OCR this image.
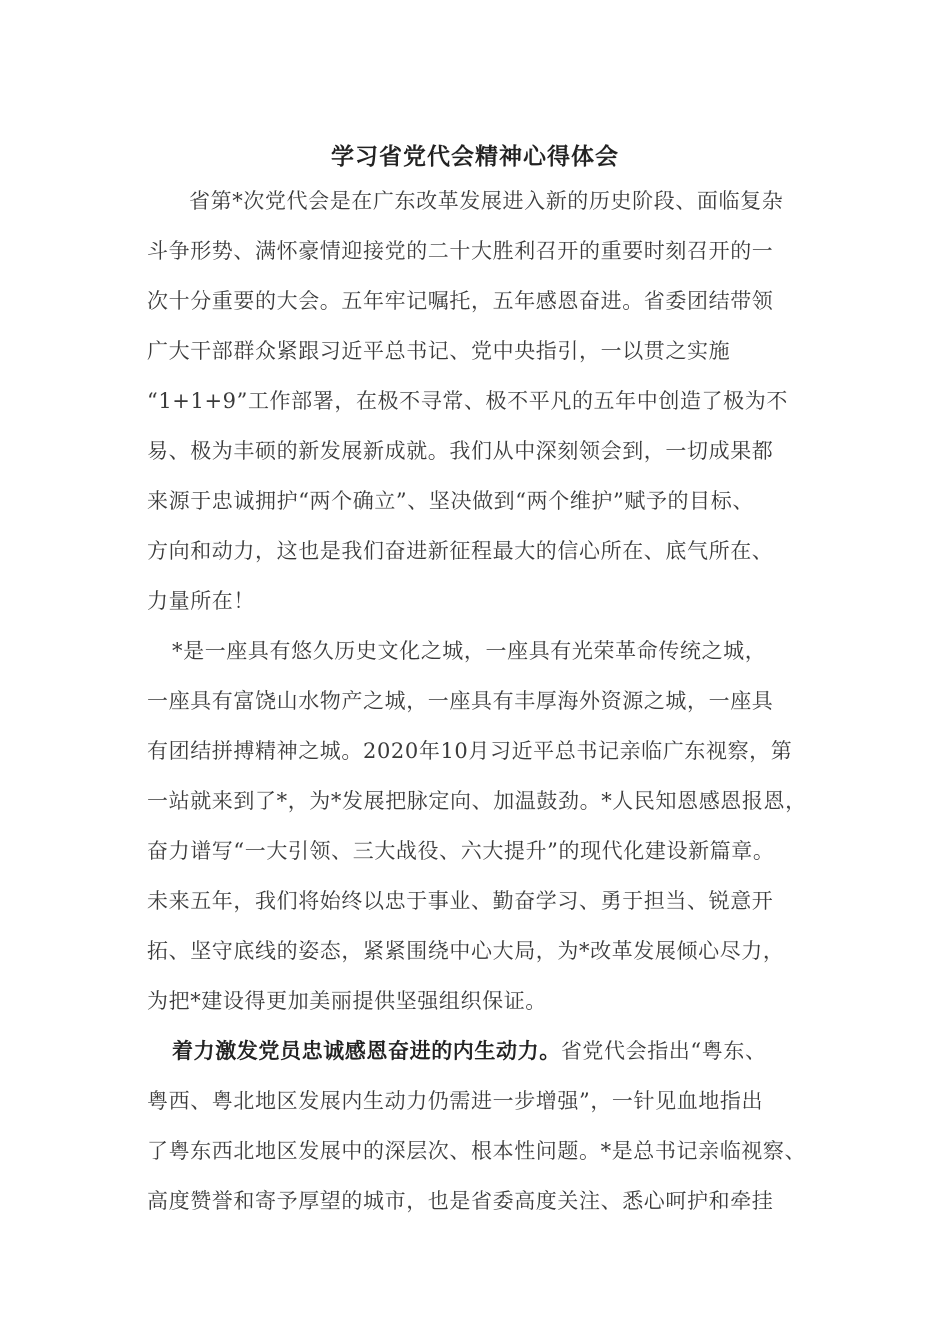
学习省党代会精神心得体会
省第*次党代会是在广东改革发展进入新的历史阶段、面临复杂
斗争形势、满怀豪情迎接党的二十大胜利召开的重要时刻召开的一
次十分重要的大会。五年牢记嘱托，五年感恩奋进。省委团结带领
广大干部群众紧跟习近平总书记、党中央指引，一以贯之实施
“1+1+9”工作部署，在极不寻常、极不平凡的五年中创造了极为不
易、极为丰硕的新发展新成就。我们从中深刻领会到，一切成果都
来源于忠诚拥护“两个确立”、坚决做到“两个维护”赋予的目标、
方向和动力，这也是我们奋进新征程最大的信心所在、底气所在、
力量所在！
*是一座具有悠久历史文化之城，一座具有光荣革命传统之城，
一座具有富饶山水物产之城，一座具有丰厚海外资源之城，一座具
有团结拼搏精神之城。2020年10月习近平总书记亲临广东视察，第
一站就来到了*，为*发展把脉定向、加温鼓劲。*人民知恩感恩报恩，
奋力谱写“一大引领、三大战役、六大提升”的现代化建设新篇章。
未来五年，我们将始终以忠于事业、勤奋学习、勇于担当、锐意开
拓、坚守底线的姿态，紧紧围绕中心大局，为*改革发展倾心尽力，
为把*建设得更加美丽提供坚强组织保证。
着力激发党员忠诚感恩奋进的内生动力。省党代会指出“粤东、
粤西、粤北地区发展内生动力仍需进一步增强”，一针见血地指出
了粤东西北地区发展中的深层次、根本性问题。*是总书记亲临视察、
高度赞誉和寄予厚望的城市，也是省委高度关注、悉心呵护和牵挂
